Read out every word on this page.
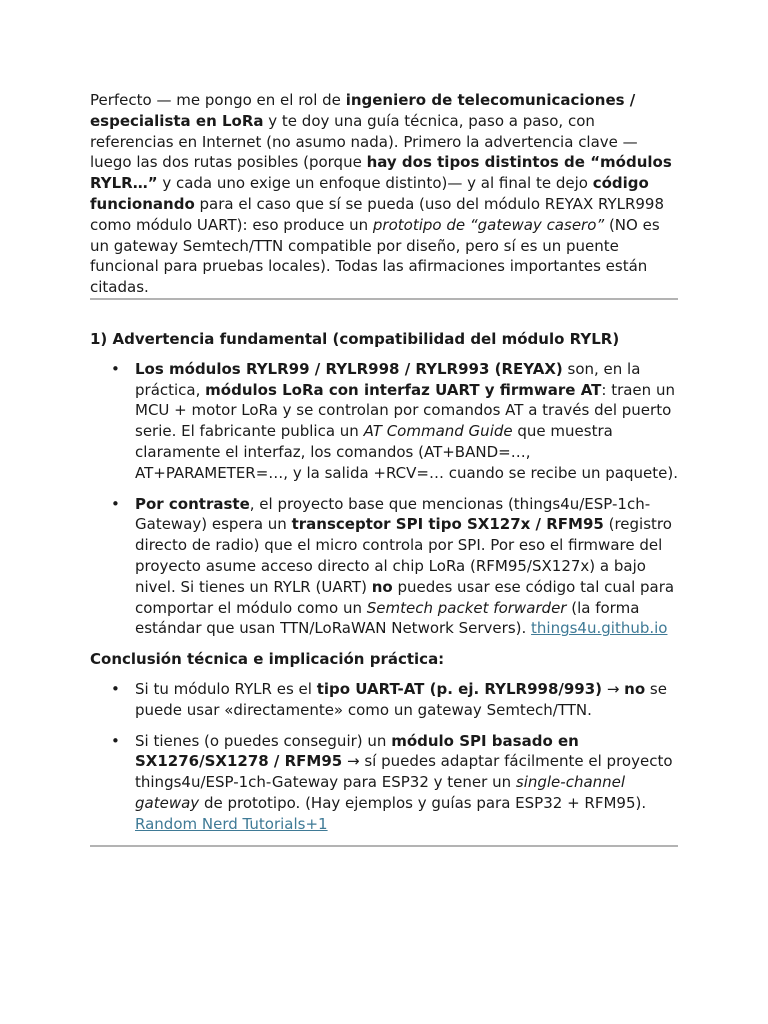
Perfecto — me pongo en el rol de ingeniero de telecomunicaciones / especialista en LoRa y te doy una guía técnica, paso a paso, con referencias en Internet (no asumo nada). Primero la advertencia clave — luego las dos rutas posibles (porque hay dos tipos distintos de “módulos RYLR…” y cada uno exige un enfoque distinto)— y al final te dejo código funcionando para el caso que sí se pueda (uso del módulo REYAX RYLR998 como módulo UART): eso produce un prototipo de “gateway casero” (NO es un gateway Semtech/TTN compatible por diseño, pero sí es un puente funcional para pruebas locales). Todas las afirmaciones importantes están citadas.

1) Advertencia fundamental (compatibilidad del módulo RYLR)

• Los módulos RYLR99 / RYLR998 / RYLR993 (REYAX) son, en la práctica, módulos LoRa con interfaz UART y firmware AT: traen un MCU + motor LoRa y se controlan por comandos AT a través del puerto serie. El fabricante publica un AT Command Guide que muestra claramente el interfaz, los comandos (AT+BAND=…, AT+PARAMETER=…, y la salida +RCV=… cuando se recibe un paquete).
• Por contraste, el proyecto base que mencionas (things4u/ESP-1ch-Gateway) espera un transceptor SPI tipo SX127x / RFM95 (registro directo de radio) que el micro controla por SPI. Por eso el firmware del proyecto asume acceso directo al chip LoRa (RFM95/SX127x) a bajo nivel. Si tienes un RYLR (UART) no puedes usar ese código tal cual para comportar el módulo como un Semtech packet forwarder (la forma estándar que usan TTN/LoRaWAN Network Servers). things4u.github.io

Conclusión técnica e implicación práctica:

• Si tu módulo RYLR es el tipo UART-AT (p. ej. RYLR998/993) → no se puede usar «directamente» como un gateway Semtech/TTN.
• Si tienes (o puedes conseguir) un módulo SPI basado en SX1276/SX1278 / RFM95 → sí puedes adaptar fácilmente el proyecto things4u/ESP-1ch-Gateway para ESP32 y tener un single-channel gateway de prototipo. (Hay ejemplos y guías para ESP32 + RFM95). Random Nerd Tutorials+1
